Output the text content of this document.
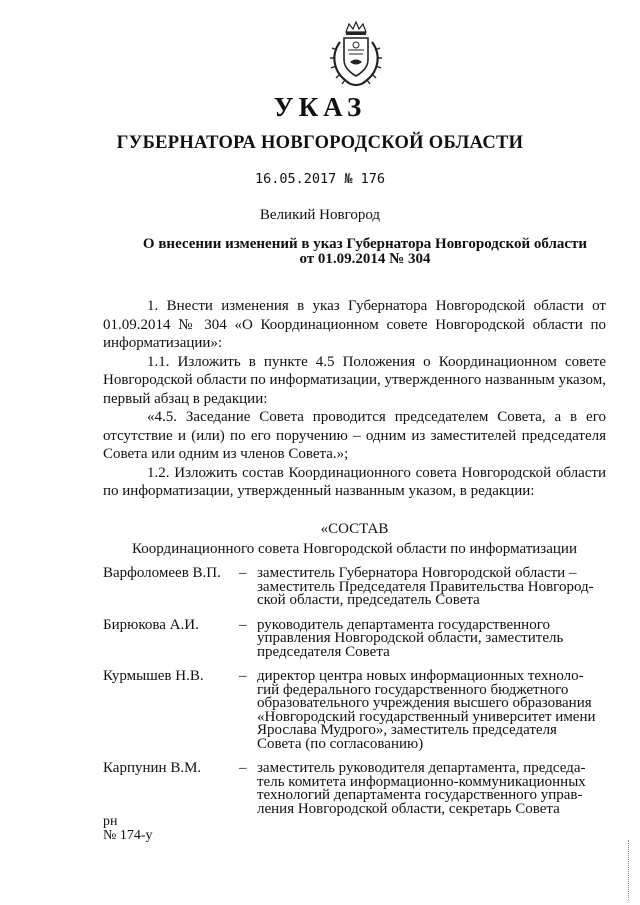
УКАЗ
ГУБЕРНАТОРА НОВГОРОДСКОЙ ОБЛАСТИ
16.05.2017 № 176
Великий Новгород
О внесении изменений в указ Губернатора Новгородской области
от 01.09.2014 № 304

1. Внести изменения в указ Губернатора Новгородской области от 01.09.2014 № 304 «О Координационном совете Новгородской области по информатизации»:

1.1. Изложить в пункте 4.5 Положения о Координационном совете Новгородской области по информатизации, утвержденного названным указом, первый абзац в редакции:

«4.5. Заседание Совета проводится председателем Совета, а в его отсутствие и (или) по его поручению – одним из заместителей председателя Совета или одним из членов Совета.»;

1.2. Изложить состав Координационного совета Новгородской области по информатизации, утвержденный названным указом, в редакции:

«СОСТАВ
Координационного совета Новгородской области по информатизации
Варфоломеев В.П.	– заместитель Губернатора Новгородской области –
заместитель Председателя Правительства Новгород-
ской области, председатель Совета
Бирюкова А.И.	– руководитель департамента государственного
управления Новгородской области, заместитель
председателя Совета
Курмышев Н.В.	– директор центра новых информационных техноло-
гий федерального государственного бюджетного
образовательного учреждения высшего образования
«Новгородский государственный университет имени
Ярослава Мудрого», заместитель председателя
Совета (по согласованию)
Карпунин В.М.	– заместитель руководителя департамента, председа-
тель комитета информационно-коммуникационных
технологий департамента государственного управ-
ления Новгородской области, секретарь Совета
рн
№ 174-у
